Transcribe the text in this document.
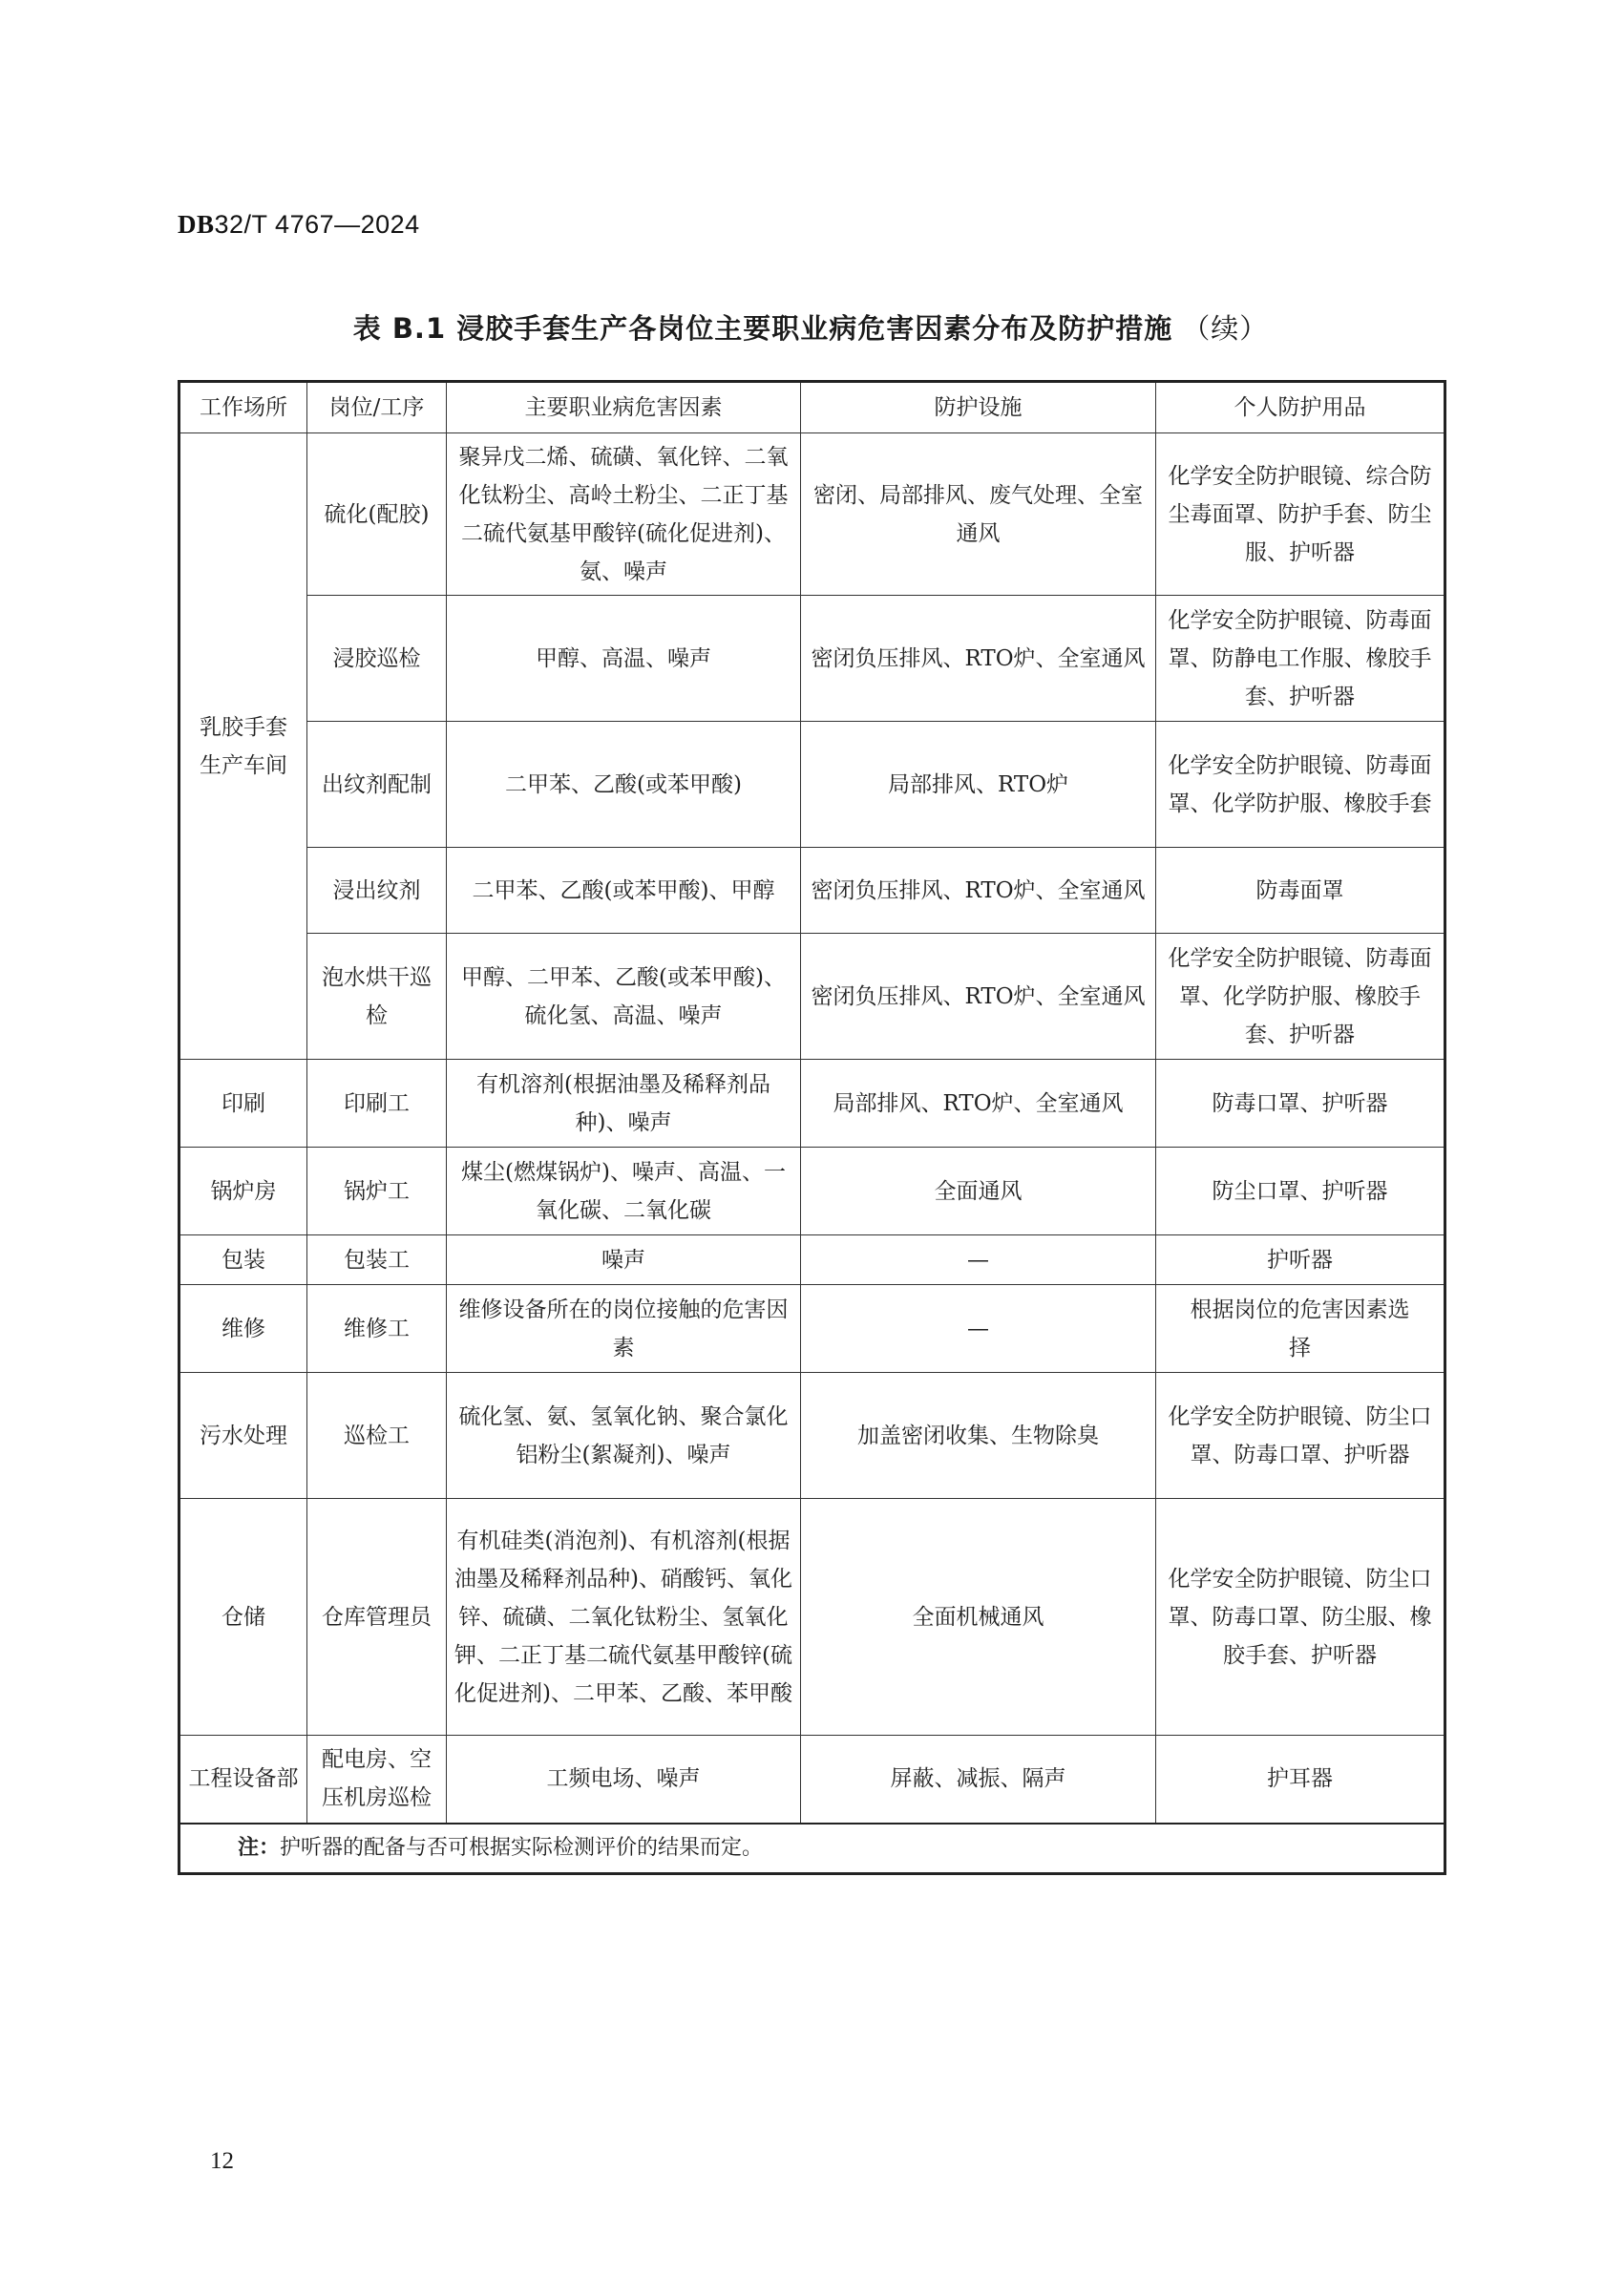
DB32/T 4767—2024
表 B.1 浸胶手套生产各岗位主要职业病危害因素分布及防护措施 （续）
工作场所	岗位/工序	主要职业病危害因素	防护设施	个人防护用品
乳胶手套生产车间	硫化(配胶)	聚异戊二烯、硫磺、氧化锌、二氧化钛粉尘、高岭土粉尘、二正丁基二硫代氨基甲酸锌(硫化促进剂)、氨、噪声	密闭、局部排风、废气处理、全室通风	化学安全防护眼镜、综合防尘毒面罩、防护手套、防尘服、护听器
	浸胶巡检	甲醇、高温、噪声	密闭负压排风、RTO炉、全室通风	化学安全防护眼镜、防毒面罩、防静电工作服、橡胶手套、护听器
	出纹剂配制	二甲苯、乙酸(或苯甲酸)	局部排风、RTO炉	化学安全防护眼镜、防毒面罩、化学防护服、橡胶手套
	浸出纹剂	二甲苯、乙酸(或苯甲酸)、甲醇	密闭负压排风、RTO炉、全室通风	防毒面罩
	泡水烘干巡检	甲醇、二甲苯、乙酸(或苯甲酸)、硫化氢、高温、噪声	密闭负压排风、RTO炉、全室通风	化学安全防护眼镜、防毒面罩、化学防护服、橡胶手套、护听器
印刷	印刷工	有机溶剂(根据油墨及稀释剂品种)、噪声	局部排风、RTO炉、全室通风	防毒口罩、护听器
锅炉房	锅炉工	煤尘(燃煤锅炉)、噪声、高温、一氧化碳、二氧化碳	全面通风	防尘口罩、护听器
包装	包装工	噪声	—	护听器
维修	维修工	维修设备所在的岗位接触的危害因素	—	根据岗位的危害因素选择
污水处理	巡检工	硫化氢、氨、氢氧化钠、聚合氯化铝粉尘(絮凝剂)、噪声	加盖密闭收集、生物除臭	化学安全防护眼镜、防尘口罩、防毒口罩、护听器
仓储	仓库管理员	有机硅类(消泡剂)、有机溶剂(根据油墨及稀释剂品种)、硝酸钙、氧化锌、硫磺、二氧化钛粉尘、氢氧化钾、二正丁基二硫代氨基甲酸锌(硫化促进剂)、二甲苯、乙酸、苯甲酸	全面机械通风	化学安全防护眼镜、防尘口罩、防毒口罩、防尘服、橡胶手套、护听器
工程设备部	配电房、空压机房巡检	工频电场、噪声	屏蔽、减振、隔声	护耳器
注：护听器的配备与否可根据实际检测评价的结果而定。				
12
